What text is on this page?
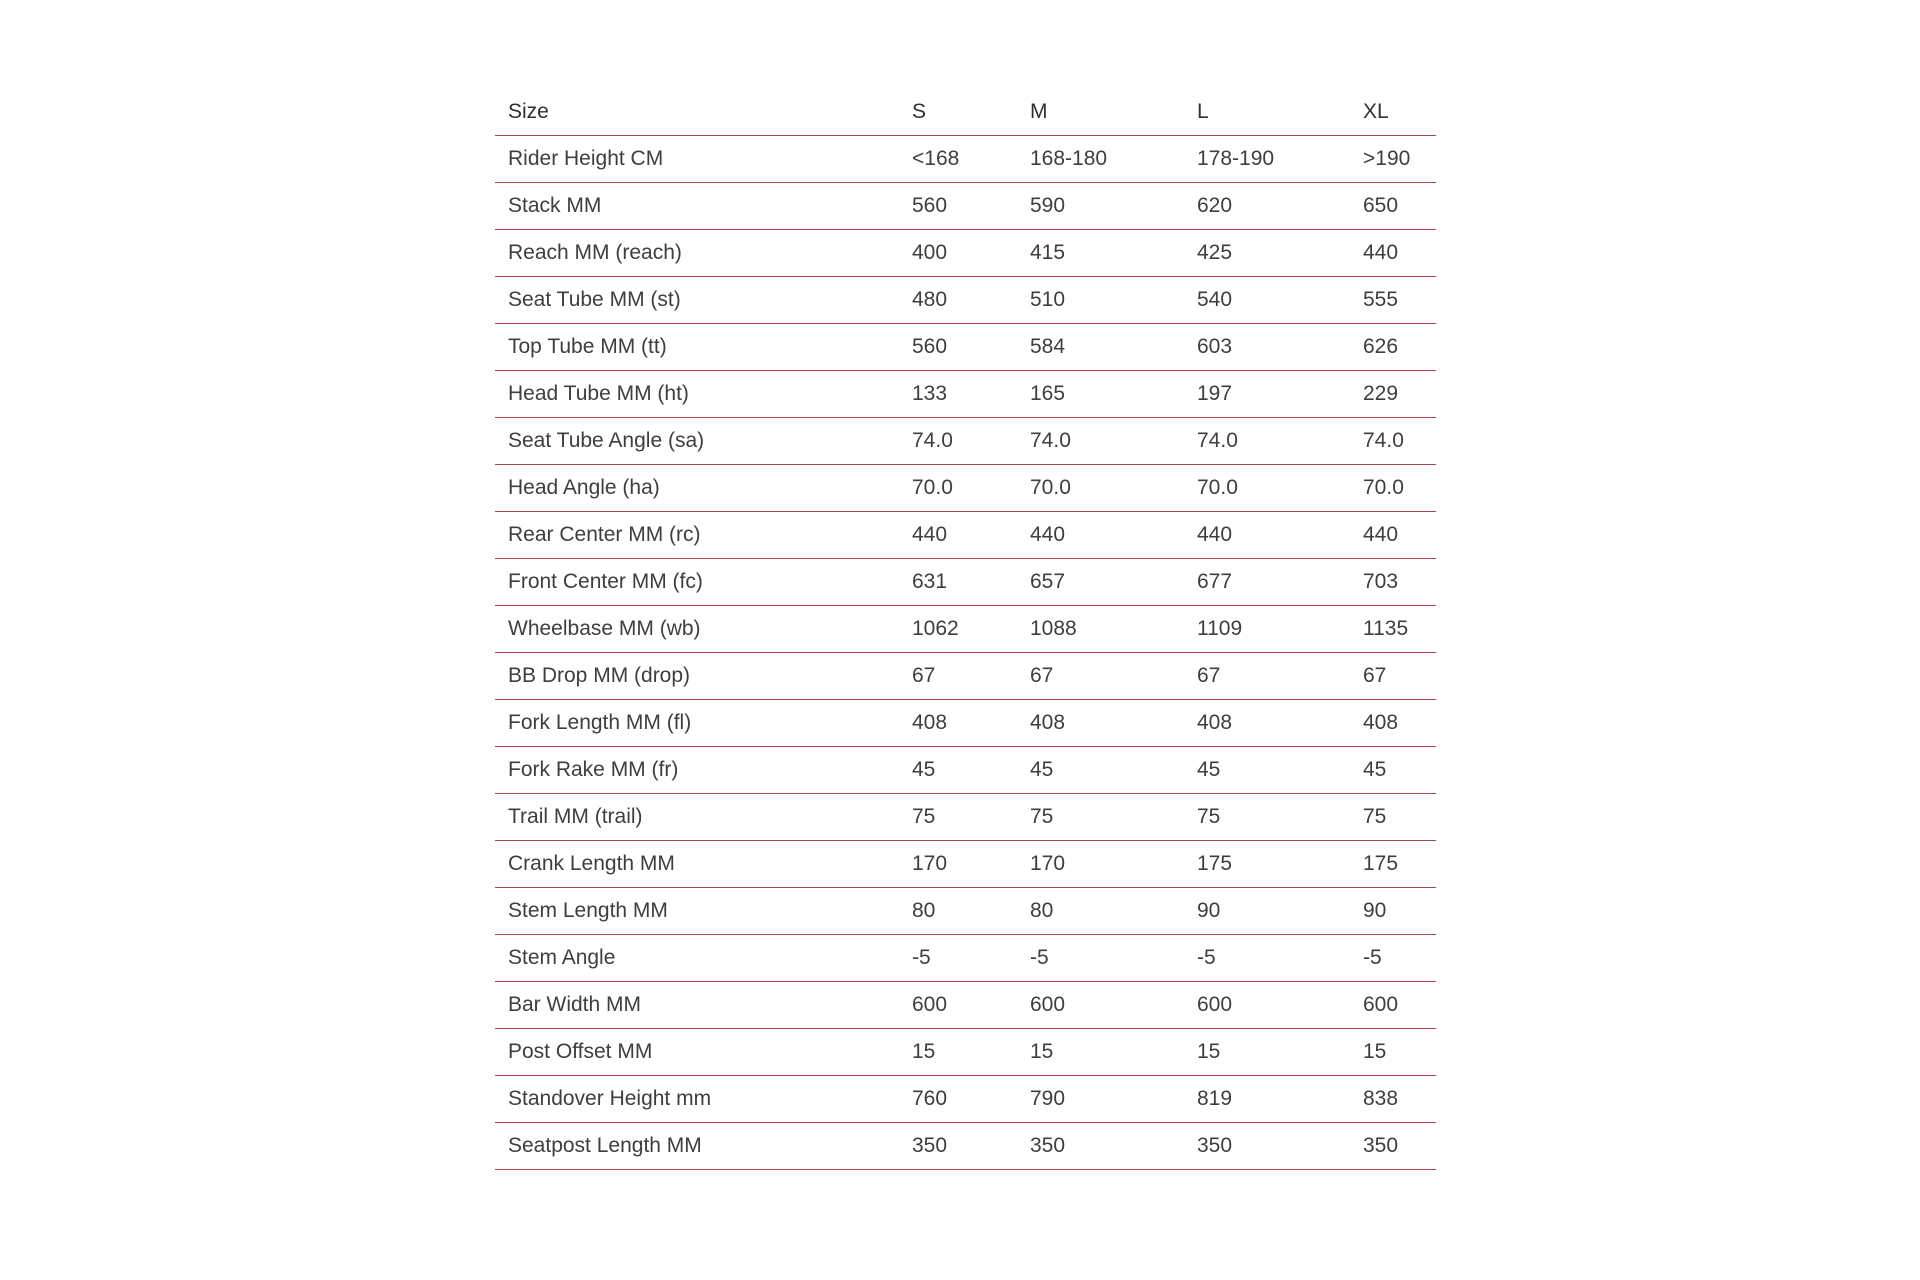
Size	S	M	L	XL
Rider Height CM	<168	168-180	178-190	>190
Stack MM	560	590	620	650
Reach MM (reach)	400	415	425	440
Seat Tube MM (st)	480	510	540	555
Top Tube MM (tt)	560	584	603	626
Head Tube MM (ht)	133	165	197	229
Seat Tube Angle (sa)	74.0	74.0	74.0	74.0
Head Angle (ha)	70.0	70.0	70.0	70.0
Rear Center MM (rc)	440	440	440	440
Front Center MM (fc)	631	657	677	703
Wheelbase MM (wb)	1062	1088	1109	1135
BB Drop MM (drop)	67	67	67	67
Fork Length MM (fl)	408	408	408	408
Fork Rake MM (fr)	45	45	45	45
Trail MM (trail)	75	75	75	75
Crank Length MM	170	170	175	175
Stem Length MM	80	80	90	90
Stem Angle	-5	-5	-5	-5
Bar Width MM	600	600	600	600
Post Offset MM	15	15	15	15
Standover Height mm	760	790	819	838
Seatpost Length MM	350	350	350	350
